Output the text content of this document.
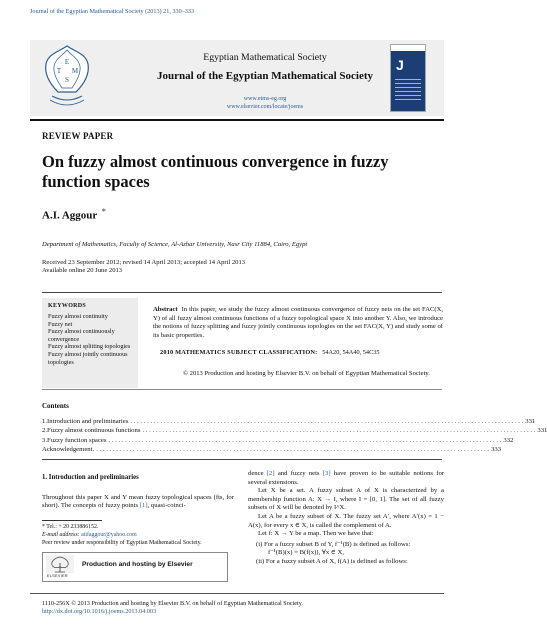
Journal of the Egyptian Mathematical Society (2013) 21, 330–333
E
T M
S
Egyptian Mathematical Society
Journal of the Egyptian Mathematical Society
www.etms-eg.org
www.elsevier.com/locate/joems
J
REVIEW PAPER
On fuzzy almost continuous convergence in fuzzy function spaces
A.I. Aggour *
Department of Mathematics, Faculty of Science, Al-Azhar University, Nasr City 11884, Cairo, Egypt
Received 23 September 2012; revised 14 April 2013; accepted 14 April 2013
Available online 20 June 2013
KEYWORDS
Fuzzy almost continuity
Fuzzy net
Fuzzy almost continuously convergence
Fuzzy almost splitting topologies
Fuzzy almost jointly continuous topologies
Abstract In this paper, we study the fuzzy almost continuous convergence of fuzzy nets on the set FAC(X, Y) of all fuzzy almost continuous functions of a fuzzy topological space X into another Y. Also, we introduce the notions of fuzzy splitting and fuzzy jointly continuous topologies on the set FAC(X, Y) and study some of its basic properties.
2010 MATHEMATICS SUBJECT CLASSIFICATION: 54A20, 54A40, 54C35
© 2013 Production and hosting by Elsevier B.V. on behalf of Egyptian Mathematical Society.
Contents
1. Introduction and preliminaries . . . . . . . . . . . . . . . . . . . . . . . . . . . . . . . . . . . . . . . . . . . . . . . . . . . . . . . . . . . . . . . . . . . . . . . . . . . . . . . . . . . . . . . . . . . . . . . . . . . . . . . . . . . . . . . . . . . . . . 331
2. Fuzzy almost continuous functions . . . . . . . . . . . . . . . . . . . . . . . . . . . . . . . . . . . . . . . . . . . . . . . . . . . . . . . . . . . . . . . . . . . . . . . . . . . . . . . . . . . . . . . . . . . . . . . . . . . . . . . . . . . . . . . . . . . . . . 331
3. Fuzzy function spaces . . . . . . . . . . . . . . . . . . . . . . . . . . . . . . . . . . . . . . . . . . . . . . . . . . . . . . . . . . . . . . . . . . . . . . . . . . . . . . . . . . . . . . . . . . . . . . . . . . . . . . . . . . . . . . . . . . . . . . 332
Acknowledgement. . . . . . . . . . . . . . . . . . . . . . . . . . . . . . . . . . . . . . . . . . . . . . . . . . . . . . . . . . . . . . . . . . . . . . . . . . . . . . . . . . . . . . . . . . . . . . . . . . . . . . . . . . . . . . . . . . . . . . . 333
1. Introduction and preliminaries
Throughout this paper X and Y mean fuzzy topological spaces (fts, for short). The concepts of fuzzy points [1], quasi-coinci-
* Tel.: + 20 233886152.
E-mail address: atifaggour@yahoo.com
Peer review under responsibility of Egyptian Mathematical Society.
ELSEVIER
Production and hosting by Elsevier

dence [2] and fuzzy nets [3] have proven to be suitable notions for several extensions.

Let X be a set. A fuzzy subset A of X is characterized by a membership function A: X → I, where I = [0, 1]. The set of all fuzzy subsets of X will be denoted by I^X.

Let A be a fuzzy subset of X. The fuzzy set A′, where A′(x) = 1 − A(x), for every x ∈ X, is called the complement of A.

Let f: X → Y be a map. Then we have that:

(i) For a fuzzy subset B of Y, f⁻¹(B) is defined as follows:

f⁻¹(B)(x) = B(f(x)), ∀x ∈ X,

(ii) For a fuzzy subset A of X, f(A) is defined as follows:

1110-256X © 2013 Production and hosting by Elsevier B.V. on behalf of Egyptian Mathematical Society.
http://dx.doi.org/10.1016/j.joems.2013.04.003
